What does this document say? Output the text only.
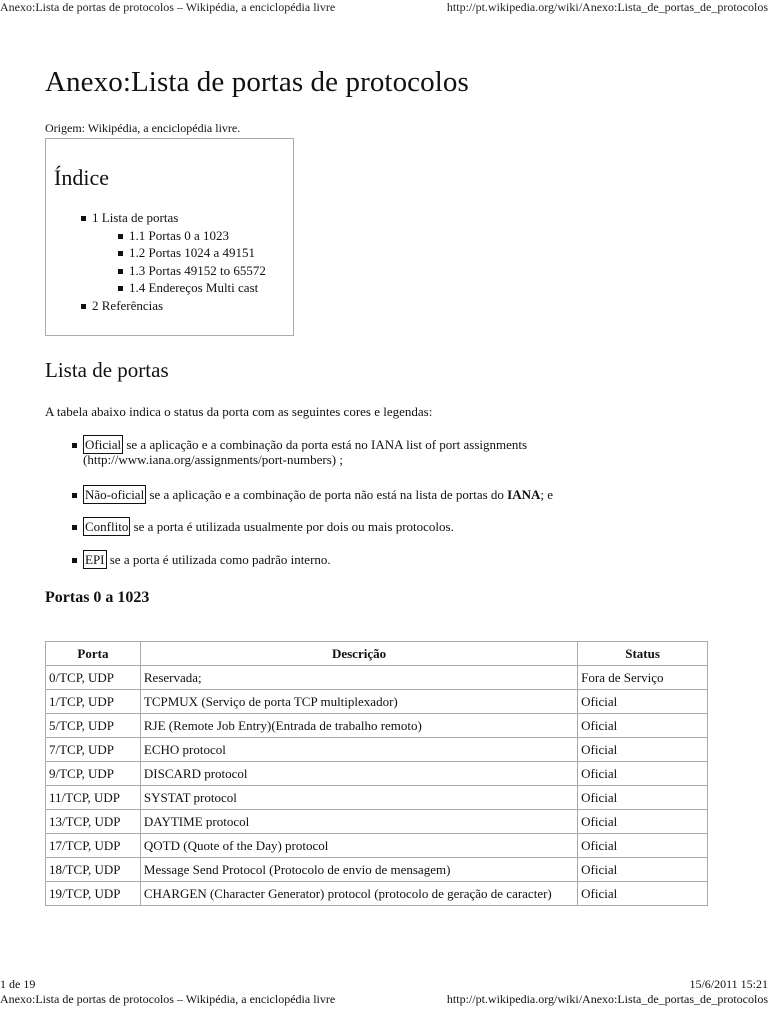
Anexo:Lista de portas de protocolos – Wikipédia, a enciclopédia livre	http://pt.wikipedia.org/wiki/Anexo:Lista_de_portas_de_protocolos
Anexo:Lista de portas de protocolos
Origem: Wikipédia, a enciclopédia livre.
Índice
1 Lista de portas
1.1 Portas 0 a 1023
1.2 Portas 1024 a 49151
1.3 Portas 49152 to 65572
1.4 Endereços Multi cast
2 Referências
Lista de portas
A tabela abaixo indica o status da porta com as seguintes cores e legendas:
Oficial se a aplicação e a combinação da porta está no IANA list of port assignments
(http://www.iana.org/assignments/port-numbers) ;
Não-oficial se a aplicação e a combinação de porta não está na lista de portas do IANA; e
Conflito se a porta é utilizada usualmente por dois ou mais protocolos.
EPI se a porta é utilizada como padrão interno.
Portas 0 a 1023
Porta	Descrição	Status
0/TCP, UDP	Reservada;	Fora de Serviço
1/TCP, UDP	TCPMUX (Serviço de porta TCP multiplexador)	Oficial
5/TCP, UDP	RJE (Remote Job Entry)(Entrada de trabalho remoto)	Oficial
7/TCP, UDP	ECHO protocol	Oficial
9/TCP, UDP	DISCARD protocol	Oficial
11/TCP, UDP	SYSTAT protocol	Oficial
13/TCP, UDP	DAYTIME protocol	Oficial
17/TCP, UDP	QOTD (Quote of the Day) protocol	Oficial
18/TCP, UDP	Message Send Protocol (Protocolo de envio de mensagem)	Oficial
19/TCP, UDP	CHARGEN (Character Generator) protocol (protocolo de geração de caracter)	Oficial
1 de 19	15/6/2011 15:21
Anexo:Lista de portas de protocolos – Wikipédia, a enciclopédia livre	http://pt.wikipedia.org/wiki/Anexo:Lista_de_portas_de_protocolos
